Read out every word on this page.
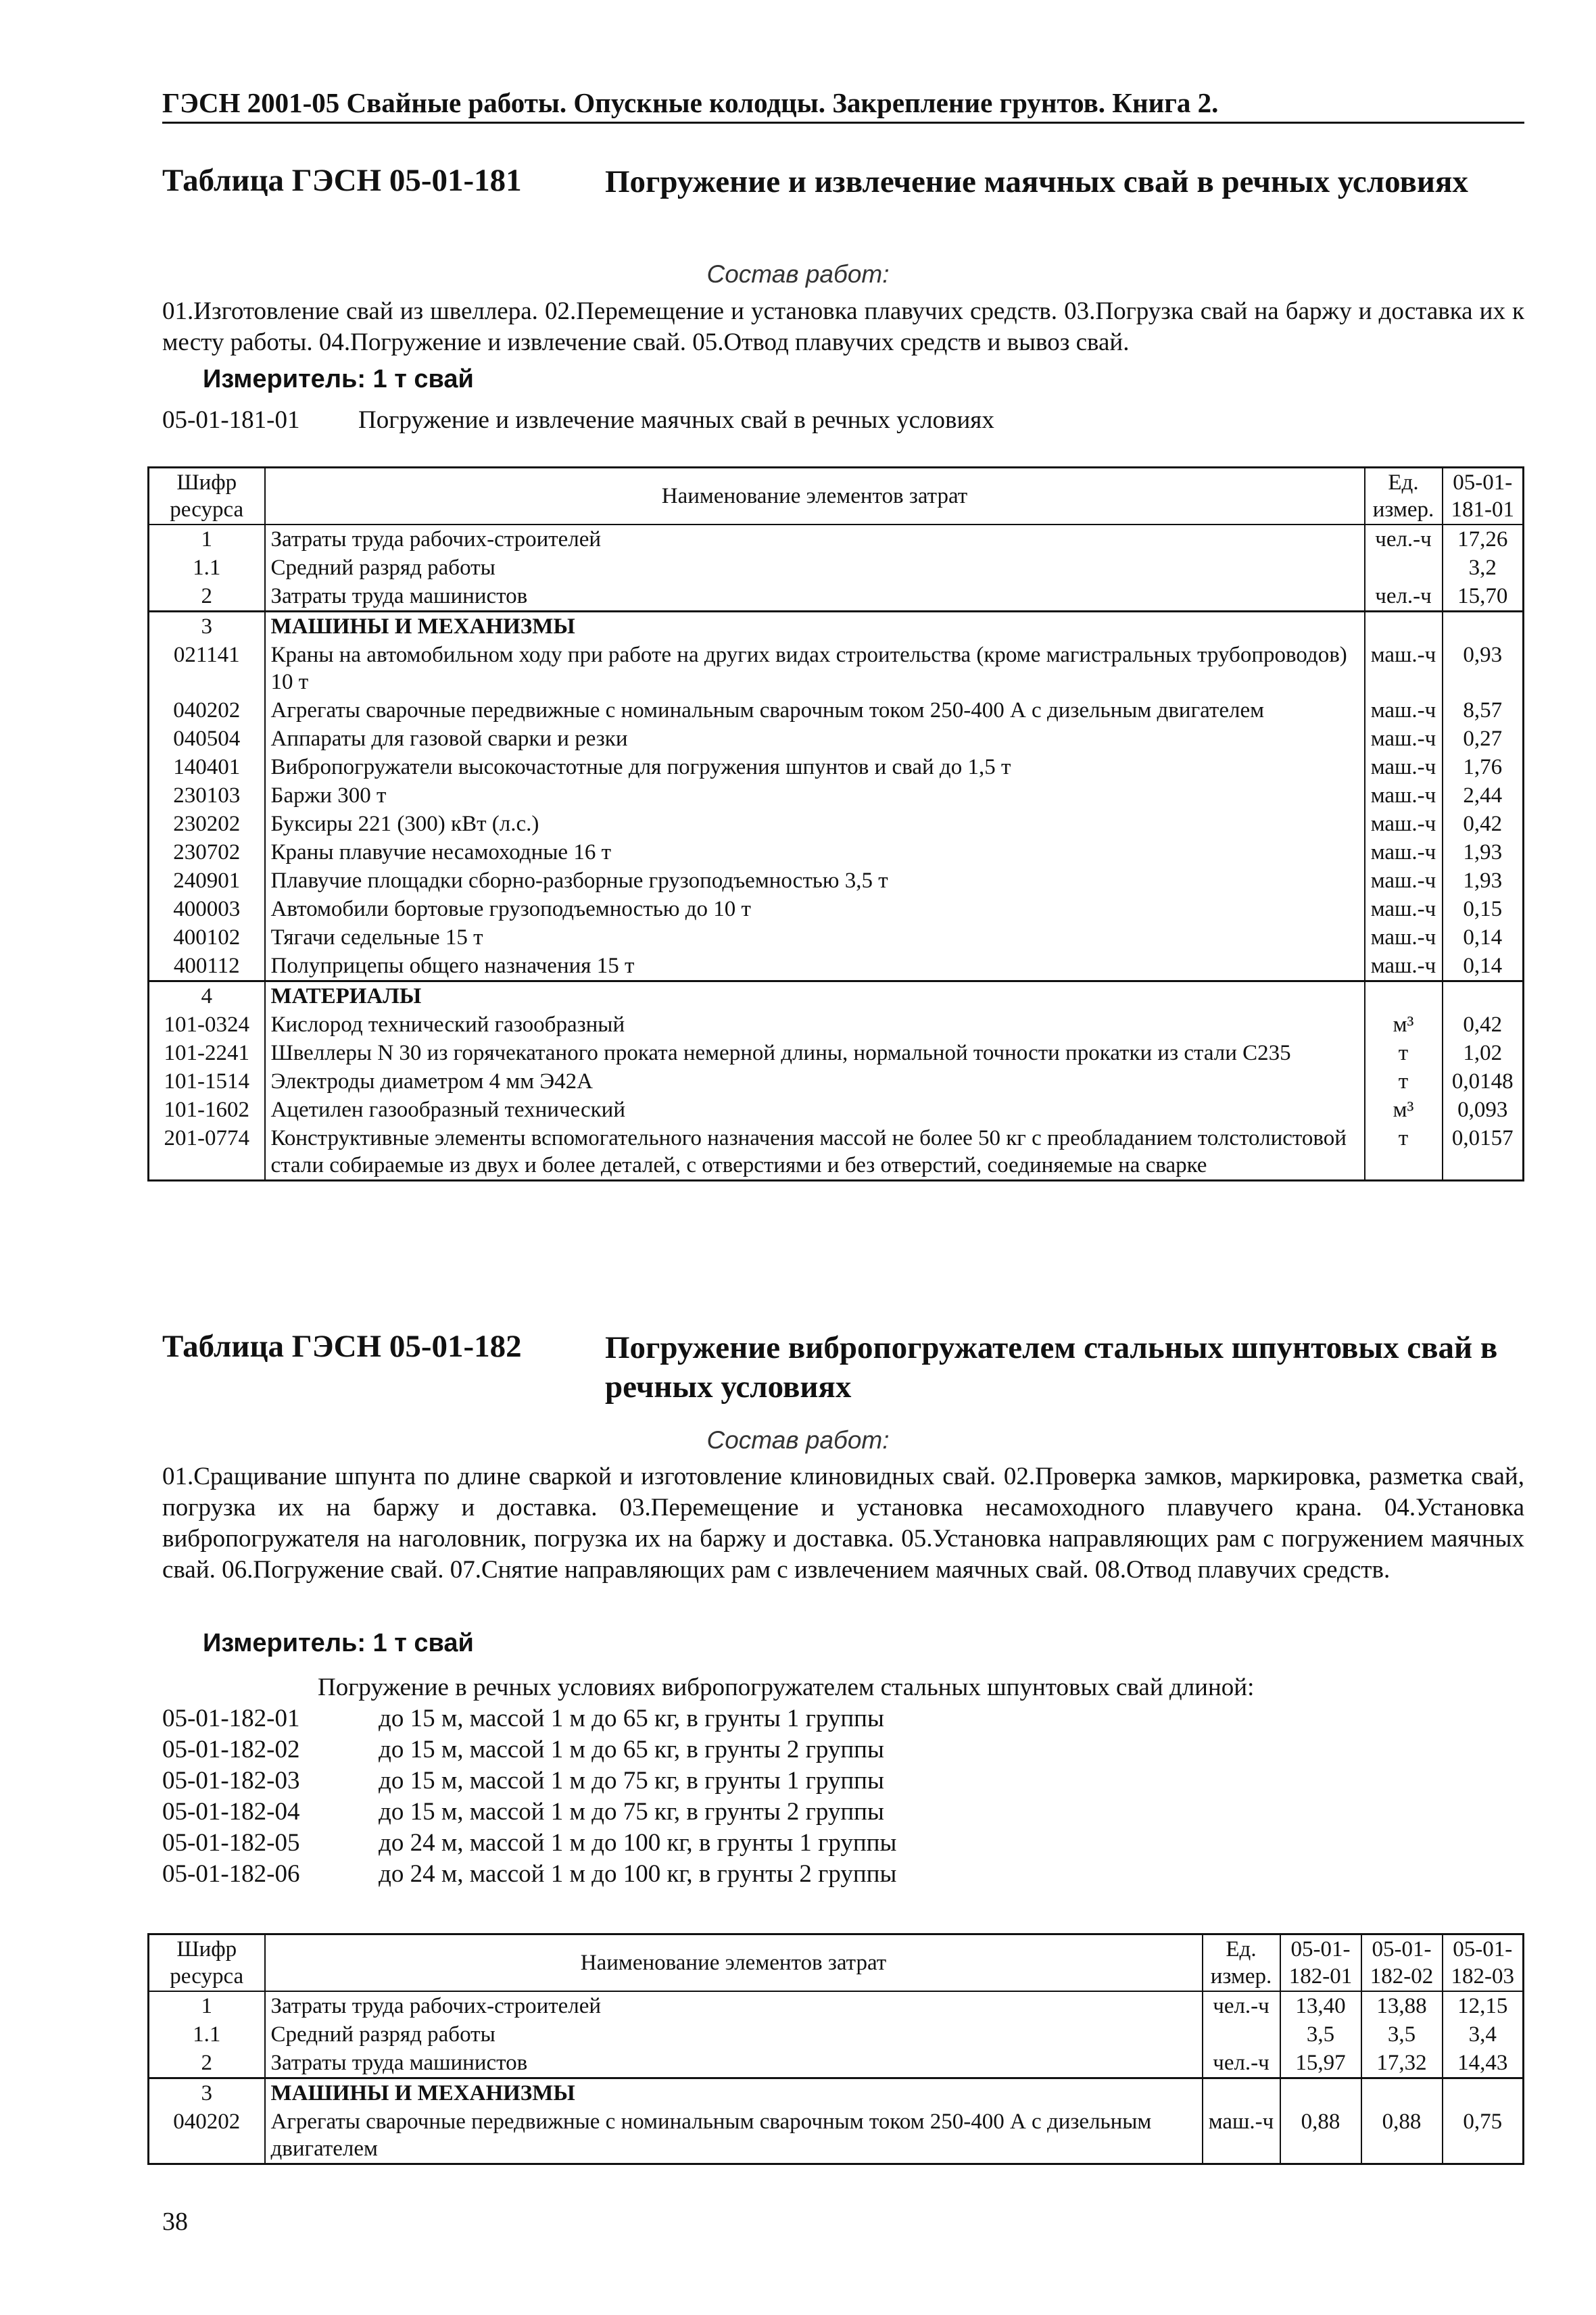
ГЭСН 2001-05 Свайные работы. Опускные колодцы. Закрепление грунтов. Книга 2.
Таблица ГЭСН 05-01-181	Погружение и извлечение маячных свай в речных условиях
Состав работ:
01.Изготовление свай из швеллера. 02.Перемещение и установка плавучих средств. 03.Погрузка свай на баржу и доставка их к месту работы. 04.Погружение и извлечение свай. 05.Отвод плавучих средств и вывоз свай.
Измеритель: 1 т свай
05-01-181-01 Погружение и извлечение маячных свай в речных условиях
Шифр ресурса	Наименование элементов затрат	Ед. измер.	05-01-181-01
1	Затраты труда рабочих-строителей	чел.-ч	17,26
1.1	Средний разряд работы		3,2
2	Затраты труда машинистов	чел.-ч	15,70
3	МАШИНЫ И МЕХАНИЗМЫ		
021141	Краны на автомобильном ходу при работе на других видах строительства (кроме магистральных трубопроводов) 10 т	маш.-ч	0,93
040202	Агрегаты сварочные передвижные с номинальным сварочным током 250-400 А с дизельным двигателем	маш.-ч	8,57
040504	Аппараты для газовой сварки и резки	маш.-ч	0,27
140401	Вибропогружатели высокочастотные для погружения шпунтов и свай до 1,5 т	маш.-ч	1,76
230103	Баржи 300 т	маш.-ч	2,44
230202	Буксиры 221 (300) кВт (л.с.)	маш.-ч	0,42
230702	Краны плавучие несамоходные 16 т	маш.-ч	1,93
240901	Плавучие площадки сборно-разборные грузоподъемностью 3,5 т	маш.-ч	1,93
400003	Автомобили бортовые грузоподъемностью до 10 т	маш.-ч	0,15
400102	Тягачи седельные 15 т	маш.-ч	0,14
400112	Полуприцепы общего назначения 15 т	маш.-ч	0,14
4	МАТЕРИАЛЫ		
101-0324	Кислород технический газообразный	м³	0,42
101-2241	Швеллеры N 30 из горячекатаного проката немерной длины, нормальной точности прокатки из стали С235	т	1,02
101-1514	Электроды диаметром 4 мм Э42А	т	0,0148
101-1602	Ацетилен газообразный технический	м³	0,093
201-0774	Конструктивные элементы вспомогательного назначения массой не более 50 кг с преобладанием толстолистовой стали собираемые из двух и более деталей, с отверстиями и без отверстий, соединяемые на сварке	т	0,0157
Таблица ГЭСН 05-01-182	Погружение вибропогружателем стальных шпунтовых свай в речных условиях
Состав работ:
01.Сращивание шпунта по длине сваркой и изготовление клиновидных свай. 02.Проверка замков, маркировка, разметка свай, погрузка их на баржу и доставка. 03.Перемещение и установка несамоходного плавучего крана. 04.Установка вибропогружателя на наголовник, погрузка их на баржу и доставка. 05.Установка направляющих рам с погружением маячных свай. 06.Погружение свай. 07.Снятие направляющих рам с извлечением маячных свай. 08.Отвод плавучих средств.
Измеритель: 1 т свай
Погружение в речных условиях вибропогружателем стальных шпунтовых свай длиной:
05-01-182-01	до 15 м, массой 1 м до 65 кг, в грунты 1 группы
05-01-182-02	до 15 м, массой 1 м до 65 кг, в грунты 2 группы
05-01-182-03	до 15 м, массой 1 м до 75 кг, в грунты 1 группы
05-01-182-04	до 15 м, массой 1 м до 75 кг, в грунты 2 группы
05-01-182-05	до 24 м, массой 1 м до 100 кг, в грунты 1 группы
05-01-182-06	до 24 м, массой 1 м до 100 кг, в грунты 2 группы
Шифр ресурса	Наименование элементов затрат	Ед. измер.	05-01-182-01	05-01-182-02	05-01-182-03
1	Затраты труда рабочих-строителей	чел.-ч	13,40	13,88	12,15
1.1	Средний разряд работы		3,5	3,5	3,4
2	Затраты труда машинистов	чел.-ч	15,97	17,32	14,43
3	МАШИНЫ И МЕХАНИЗМЫ				
040202	Агрегаты сварочные передвижные с номинальным сварочным током 250-400 А с дизельным двигателем	маш.-ч	0,88	0,88	0,75
38
